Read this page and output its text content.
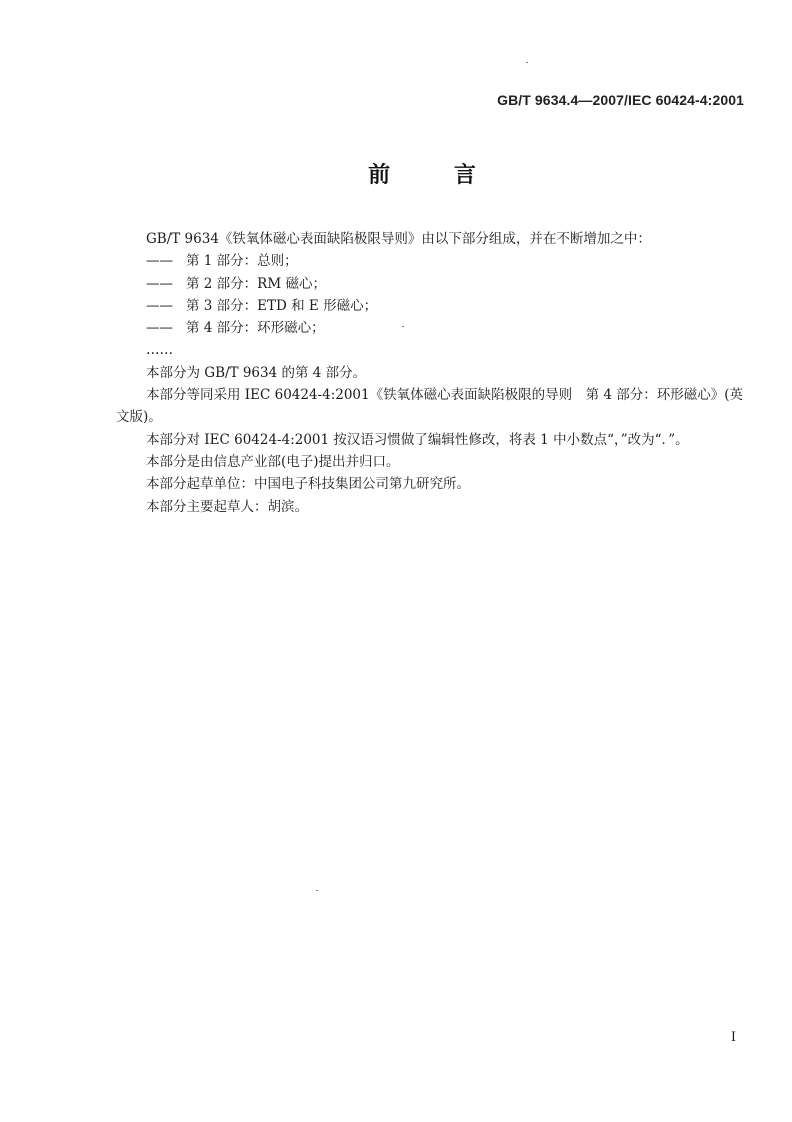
GB/T 9634.4—2007/IEC 60424-4:2001
前 言

GB/T 9634《铁氧体磁心表面缺陷极限导则》由以下部分组成，并在不断增加之中：

—— 第 1 部分：总则；
—— 第 2 部分：RM 磁心；
—— 第 3 部分：ETD 和 E 形磁心；
—— 第 4 部分：环形磁心；

……

本部分为 GB/T 9634 的第 4 部分。

本部分等同采用 IEC 60424-4:2001《铁氧体磁心表面缺陷极限的导则　第 4 部分：环形磁心》(英文版)。

本部分对 IEC 60424-4:2001 按汉语习惯做了编辑性修改，将表 1 中小数点“，”改为“．”。

本部分是由信息产业部(电子)提出并归口。

本部分起草单位：中国电子科技集团公司第九研究所。

本部分主要起草人：胡滨。

I
